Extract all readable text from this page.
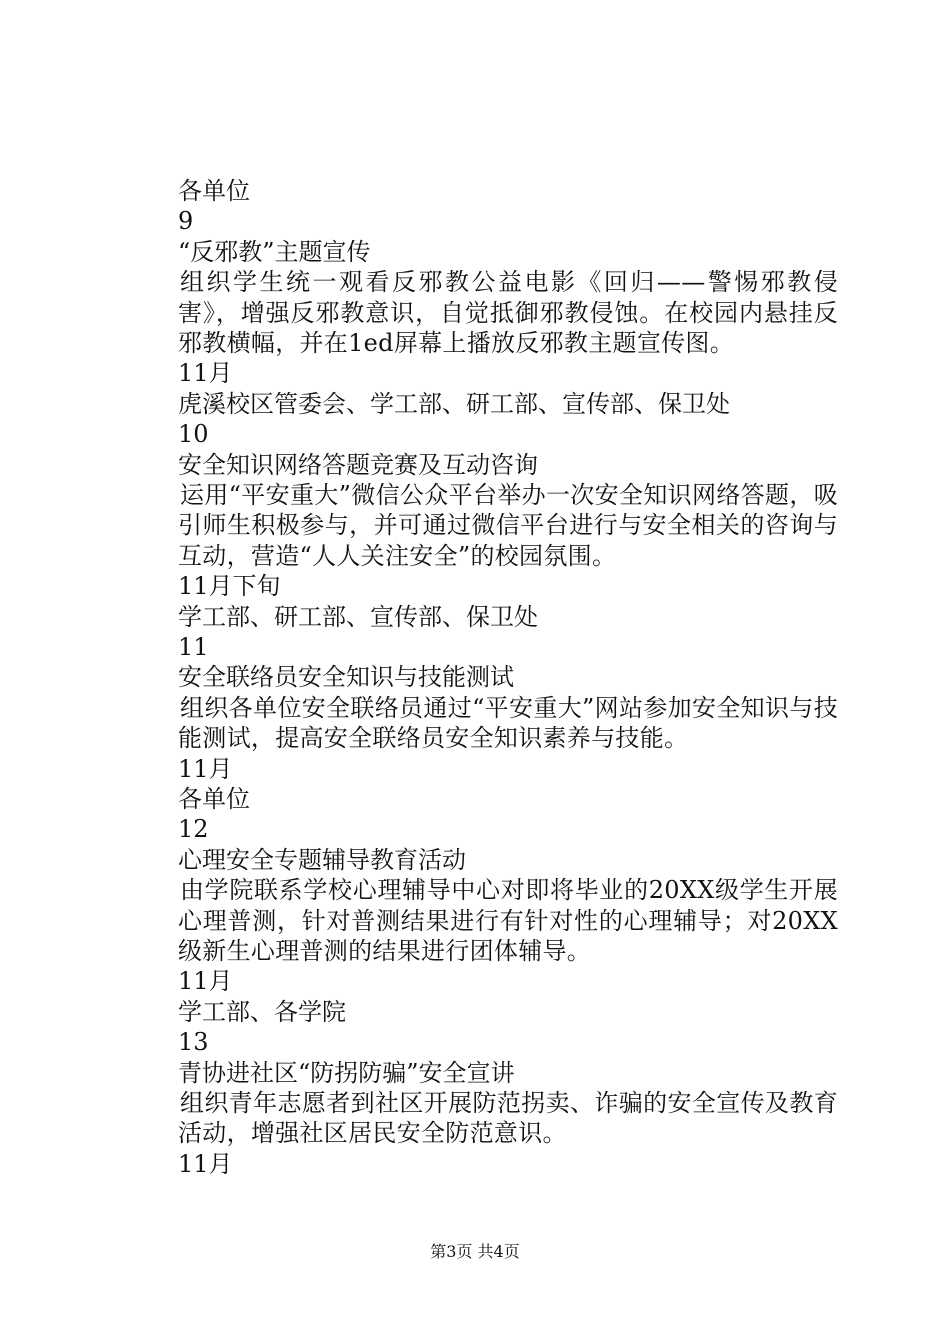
各单位
9
“反邪教”主题宣传
组织学生统一观看反邪教公益电影《回归——警惕邪教侵害》，增强反邪教意识，自觉抵御邪教侵蚀。在校园内悬挂反邪教横幅，并在1ed屏幕上播放反邪教主题宣传图。
11月
虎溪校区管委会、学工部、研工部、宣传部、保卫处
10
安全知识网络答题竞赛及互动咨询
运用“平安重大”微信公众平台举办一次安全知识网络答题，吸引师生积极参与，并可通过微信平台进行与安全相关的咨询与互动，营造“人人关注安全”的校园氛围。
11月下旬
学工部、研工部、宣传部、保卫处
11
安全联络员安全知识与技能测试
组织各单位安全联络员通过“平安重大”网站参加安全知识与技能测试，提高安全联络员安全知识素养与技能。
11月
各单位
12
心理安全专题辅导教育活动
由学院联系学校心理辅导中心对即将毕业的20XX级学生开展心理普测，针对普测结果进行有针对性的心理辅导；对20XX级新生心理普测的结果进行团体辅导。
11月
学工部、各学院
13
青协进社区“防拐防骗”安全宣讲
组织青年志愿者到社区开展防范拐卖、诈骗的安全宣传及教育活动，增强社区居民安全防范意识。
11月
第3页 共4页
